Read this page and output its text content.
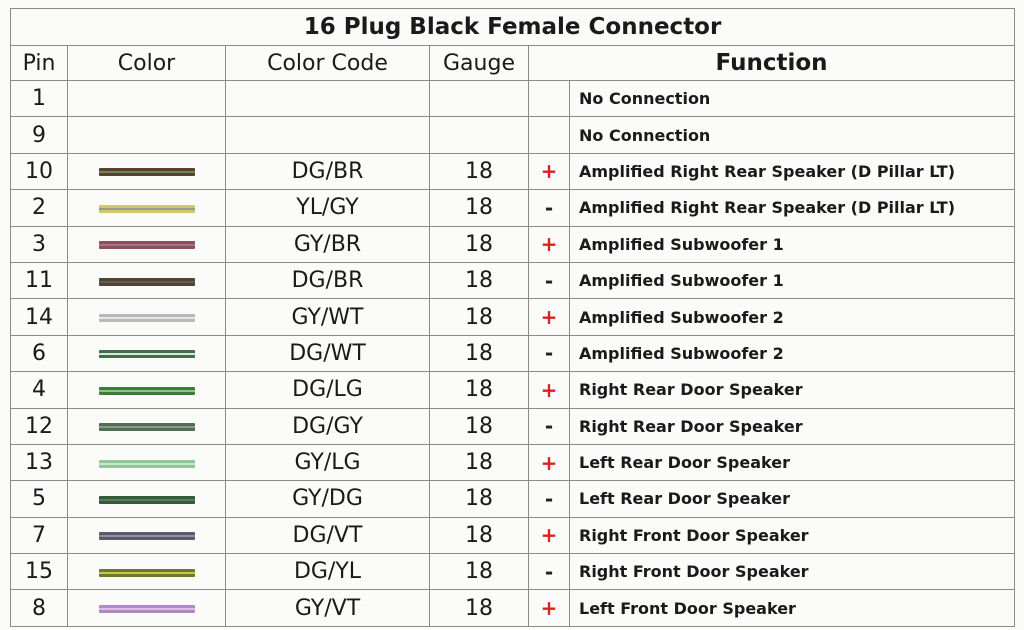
16 Plug Black Female Connector					
Pin	Color	Color Code	Gauge	Function	
1					No Connection
9					No Connection
10		DG/BR	18	+	Amplified Right Rear Speaker (D Pillar LT)
2		YL/GY	18	-	Amplified Right Rear Speaker (D Pillar LT)
3		GY/BR	18	+	Amplified Subwoofer 1
11		DG/BR	18	-	Amplified Subwoofer 1
14		GY/WT	18	+	Amplified Subwoofer 2
6		DG/WT	18	-	Amplified Subwoofer 2
4		DG/LG	18	+	Right Rear Door Speaker
12		DG/GY	18	-	Right Rear Door Speaker
13		GY/LG	18	+	Left Rear Door Speaker
5		GY/DG	18	-	Left Rear Door Speaker
7		DG/VT	18	+	Right Front Door Speaker
15		DG/YL	18	-	Right Front Door Speaker
8		GY/VT	18	+	Left Front Door Speaker
